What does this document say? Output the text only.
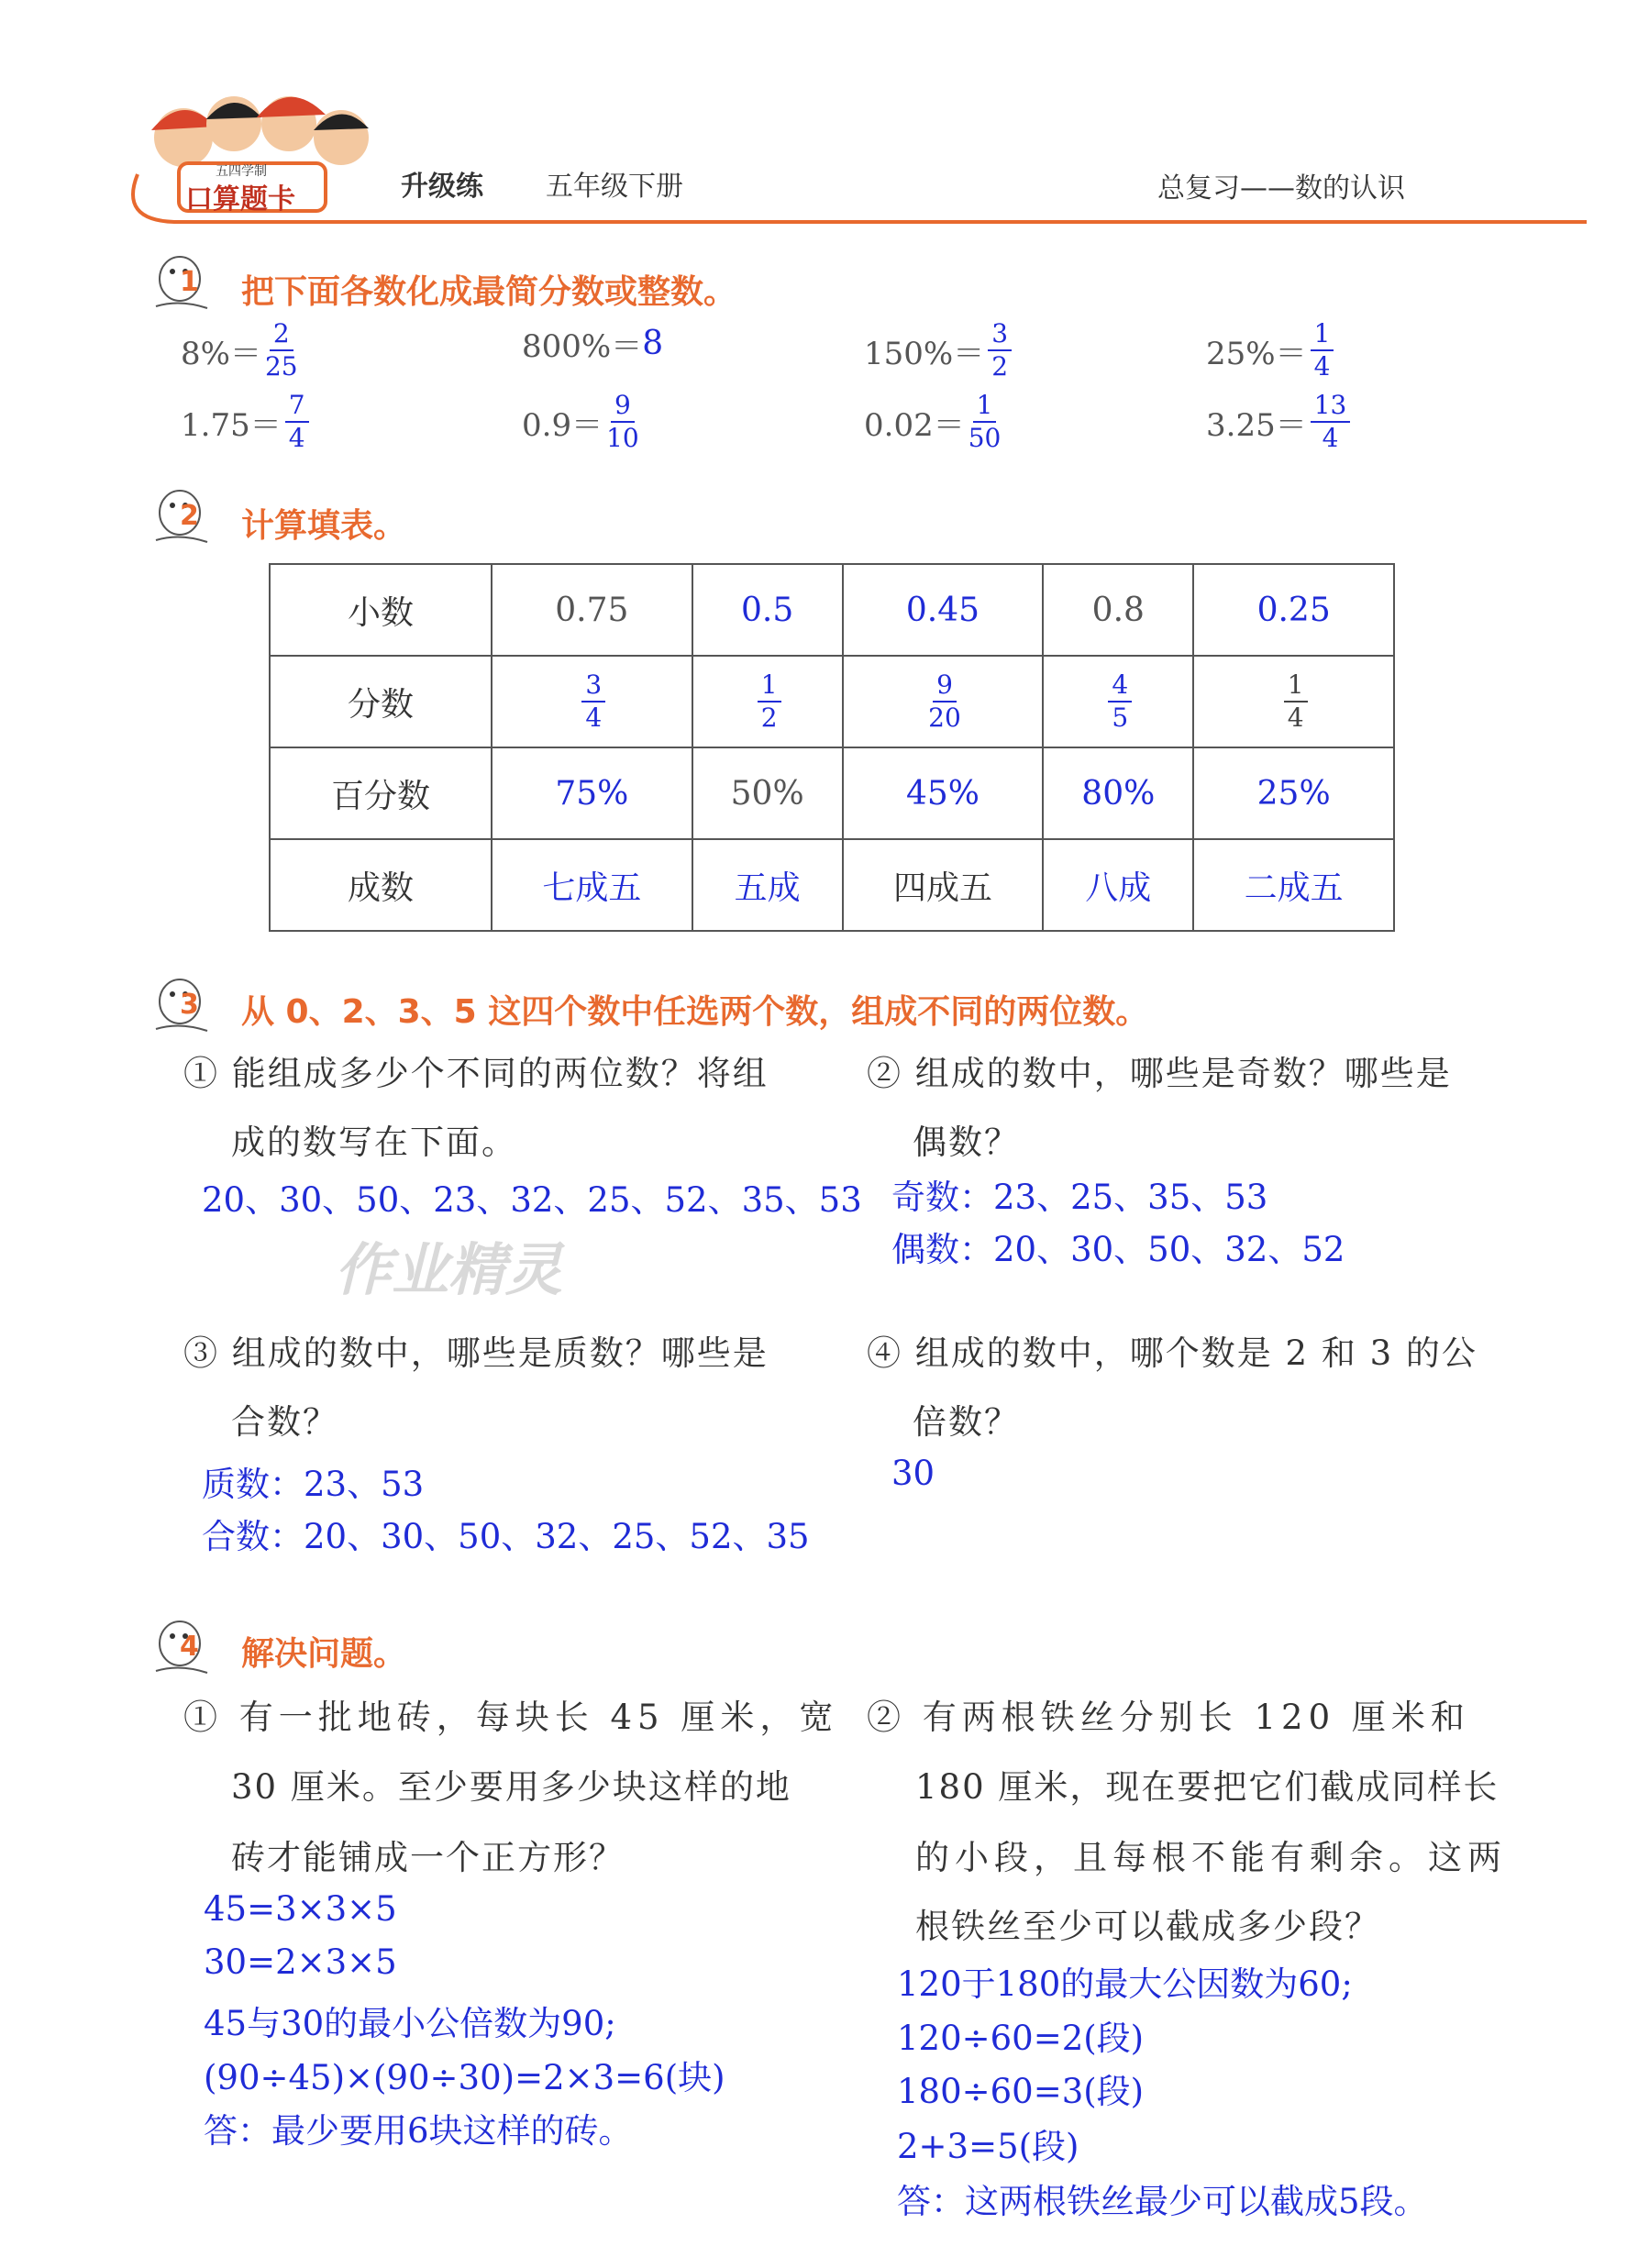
五四学制
口算题卡	升级练 五年级下册	总复习——数的认识
1 把下面各数化成最简分数或整数。
$8\%= \frac{2}{25}$	800%＝ 8	$150\%= \frac{3}{2}$	$25\%= \frac{1}{4}$
$1.75= \frac{7}{4}$	$0.9= \frac{9}{10}$	$0.02= \frac{1}{50}$	$3.25= \frac{13}{4}$
2 计算填表。
小数	0.75	0.5	0.45	0.8	0.25
分数	$\frac{3}{4}$	$\frac{1}{2}$	$\frac{9}{20}$	$\frac{4}{5}$	$\frac{1}{4}$

百分数	75%	50%	45%	80%	25%
成数	七成五	五成	四成五	八成	二成五
3 从 0、2、3、5 这四个数中任选两个数，组成不同的两位数。
① 能组成多少个不同的两位数？将组
成的数写在下面。
20、30、50、23、32、25、52、35、53
② 组成的数中，哪些是奇数？哪些是
偶数？
奇数：23、25、35、53
偶数：20、30、50、32、52
作业精灵
③ 组成的数中，哪些是质数？哪些是
合数？
质数：23、53
合数：20、30、50、32、25、52、35
④ 组成的数中，哪个数是 2 和 3 的公
倍数？
30
4 解决问题。
① 有一批地砖，每块长 45 厘米，宽
30 厘米。至少要用多少块这样的地
砖才能铺成一个正方形？
45=3×3×5
30=2×3×5
45与30的最小公倍数为90;
(90÷45)×(90÷30)=2×3=6(块)
答：最少要用6块这样的砖。
② 有两根铁丝分别长 120 厘米和
180 厘米，现在要把它们截成同样长
的小段，且每根不能有剩余。这两
根铁丝至少可以截成多少段？
120于180的最大公因数为60;
120÷60=2(段)
180÷60=3(段)
2+3=5(段)
答：这两根铁丝最少可以截成5段。
